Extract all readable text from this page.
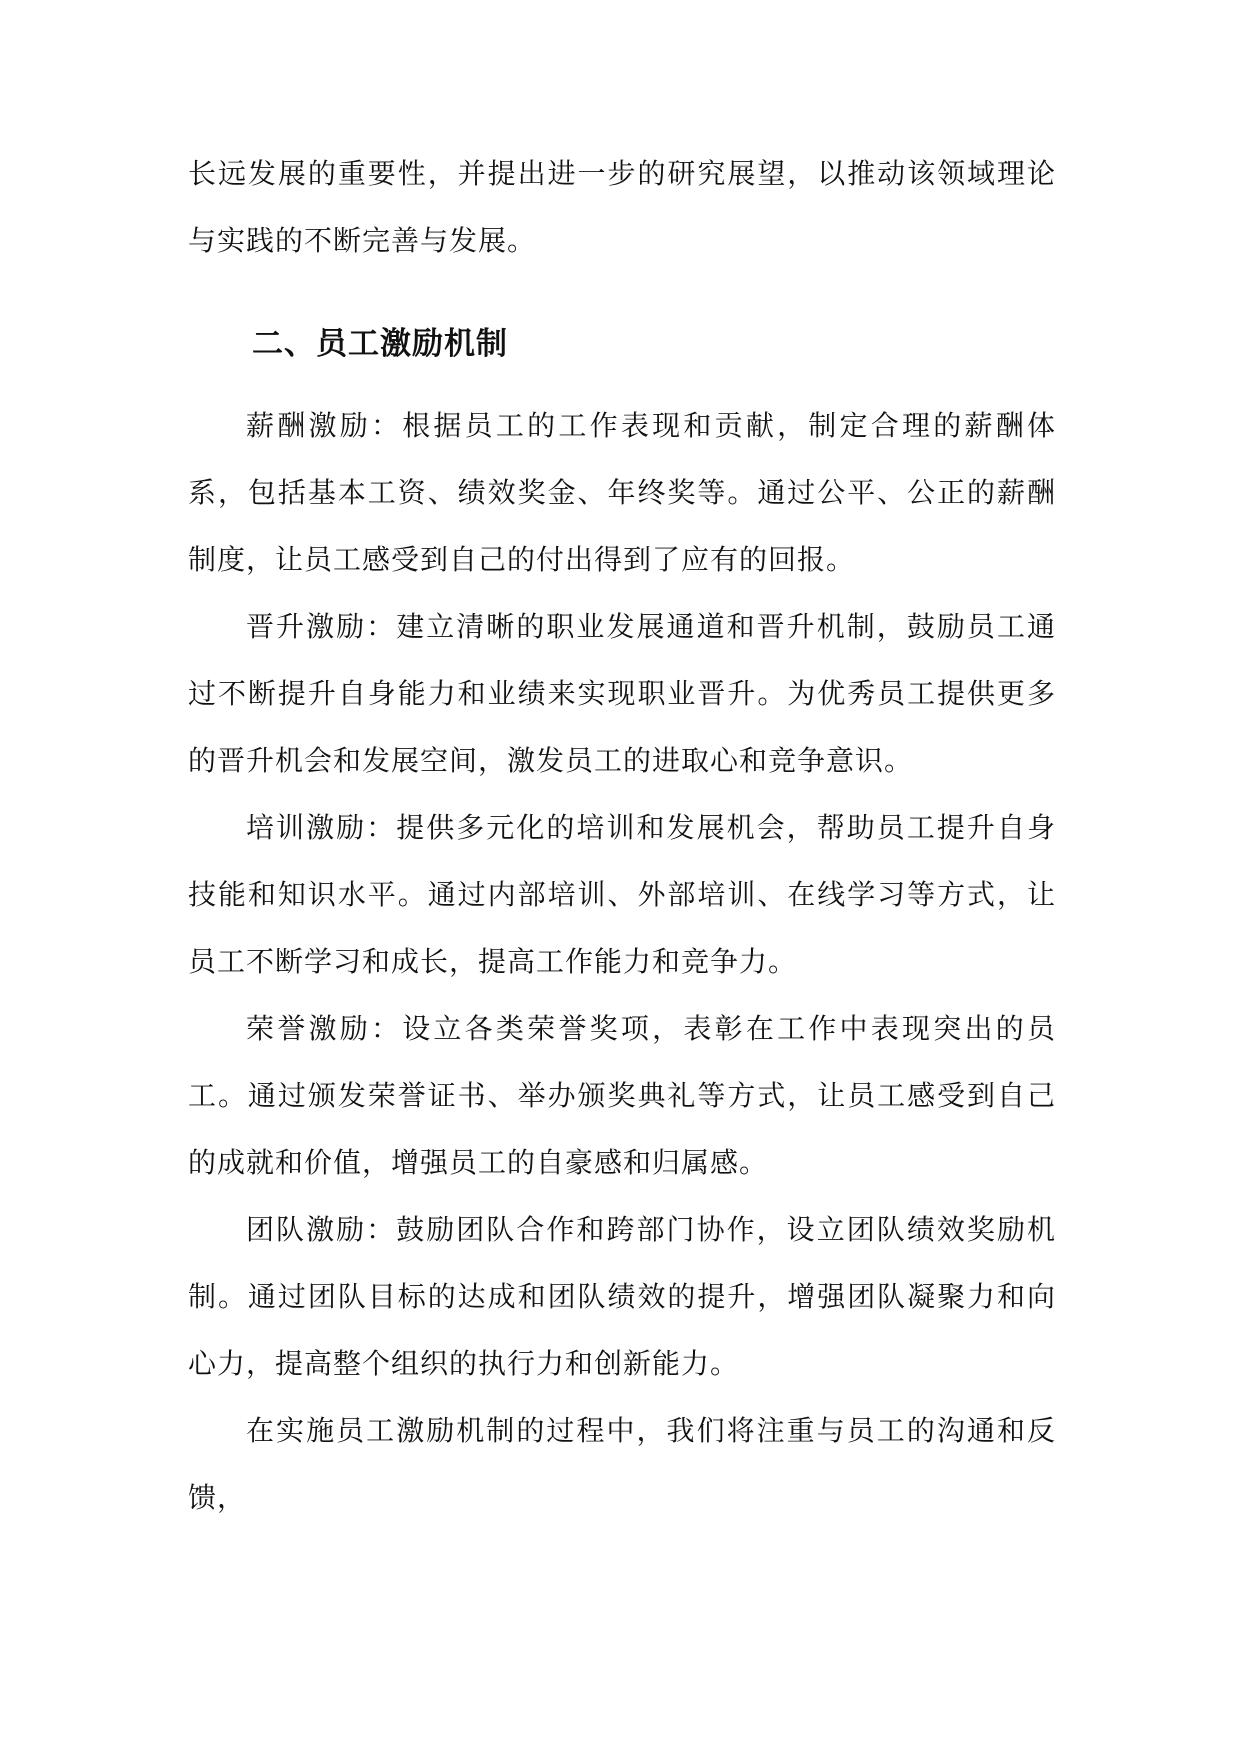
长远发展的重要性，并提出进一步的研究展望，以推动该领域理论与实践的不断完善与发展。

二、员工激励机制

薪酬激励：根据员工的工作表现和贡献，制定合理的薪酬体系，包括基本工资、绩效奖金、年终奖等。通过公平、公正的薪酬制度，让员工感受到自己的付出得到了应有的回报。

晋升激励：建立清晰的职业发展通道和晋升机制，鼓励员工通过不断提升自身能力和业绩来实现职业晋升。为优秀员工提供更多的晋升机会和发展空间，激发员工的进取心和竞争意识。

培训激励：提供多元化的培训和发展机会，帮助员工提升自身技能和知识水平。通过内部培训、外部培训、在线学习等方式，让员工不断学习和成长，提高工作能力和竞争力。

荣誉激励：设立各类荣誉奖项，表彰在工作中表现突出的员工。通过颁发荣誉证书、举办颁奖典礼等方式，让员工感受到自己的成就和价值，增强员工的自豪感和归属感。

团队激励：鼓励团队合作和跨部门协作，设立团队绩效奖励机制。通过团队目标的达成和团队绩效的提升，增强团队凝聚力和向心力，提高整个组织的执行力和创新能力。

在实施员工激励机制的过程中，我们将注重与员工的沟通和反馈，
